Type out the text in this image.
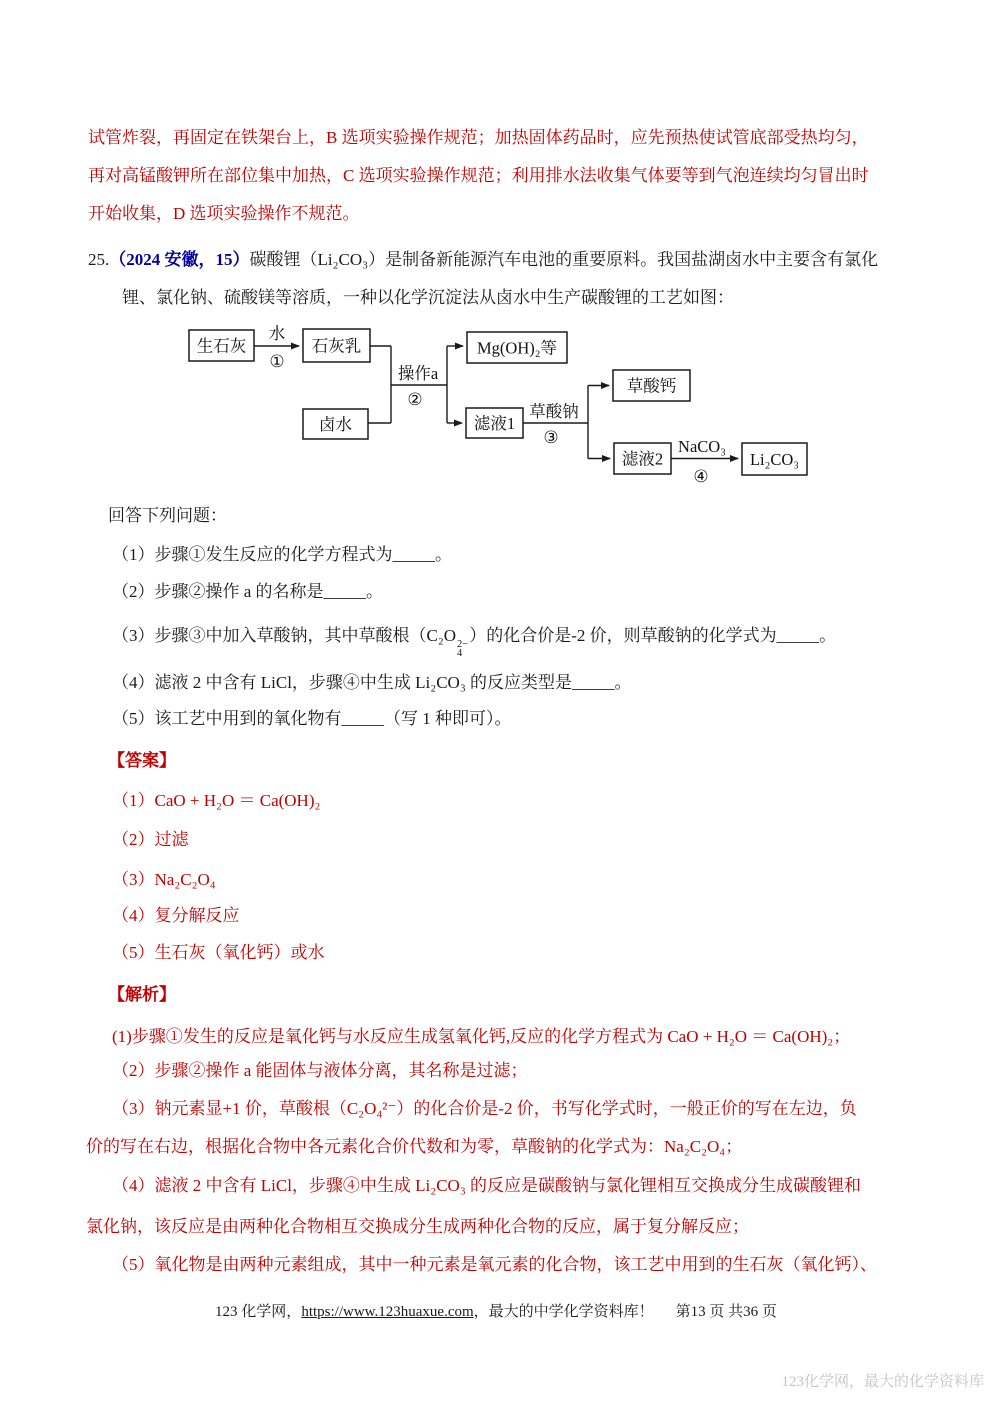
试管炸裂，再固定在铁架台上，B 选项实验操作规范；加热固体药品时，应先预热使试管底部受热均匀，
再对高锰酸钾所在部位集中加热，C 选项实验操作规范；利用排水法收集气体要等到气泡连续均匀冒出时
开始收集，D 选项实验操作不规范。
25.（2024 安徽，15）碳酸锂（Li₂CO₃）是制备新能源汽车电池的重要原料。我国盐湖卤水中主要含有氯化
锂、氯化钠、硫酸镁等溶质，一种以化学沉淀法从卤水中生产碳酸锂的工艺如图：
生石灰	石灰乳
卤水
Mg(OH)₂等
滤液1
草酸钙
滤液2	Li₂CO₃
水
①
操作a
②
草酸钠
③	NaCO₃
④
回答下列问题：
（1）步骤①发生反应的化学方程式为_____。
（2）步骤②操作 a 的名称是_____。
（3）步骤③中加入草酸钠，其中草酸根（C₂O 2−
4
）的化合价是-2 价，则草酸钠的化学式为_____。
（4）滤液 2 中含有 LiCl，步骤④中生成 Li₂CO₃ 的反应类型是_____。
（5）该工艺中用到的氧化物有_____（写 1 种即可）。
【答案】
（1）CaO + H₂O ＝ Ca(OH)₂
（2）过滤
（3）Na₂C₂O₄
（4）复分解反应
（5）生石灰（氧化钙）或水
【解析】
(1)步骤①发生的反应是氧化钙与水反应生成氢氧化钙,反应的化学方程式为 CaO + H₂O ＝ Ca(OH)₂；
（2）步骤②操作 a 能固体与液体分离，其名称是过滤；
（3）钠元素显+1 价，草酸根（C₂O₄²⁻）的化合价是-2 价，书写化学式时，一般正价的写在左边，负
价的写在右边，根据化合物中各元素化合价代数和为零，草酸钠的化学式为：Na₂C₂O₄；
（4）滤液 2 中含有 LiCl，步骤④中生成 Li₂CO₃ 的反应是碳酸钠与氯化锂相互交换成分生成碳酸锂和
氯化钠，该反应是由两种化合物相互交换成分生成两种化合物的反应，属于复分解反应；
（5）氧化物是由两种元素组成，其中一种元素是氧元素的化合物，该工艺中用到的生石灰（氧化钙）、
123 化学网，https://www.123huaxue.com，最大的中学化学资料库！ 第13 页 共36 页
123化学网，最大的化学资料库
